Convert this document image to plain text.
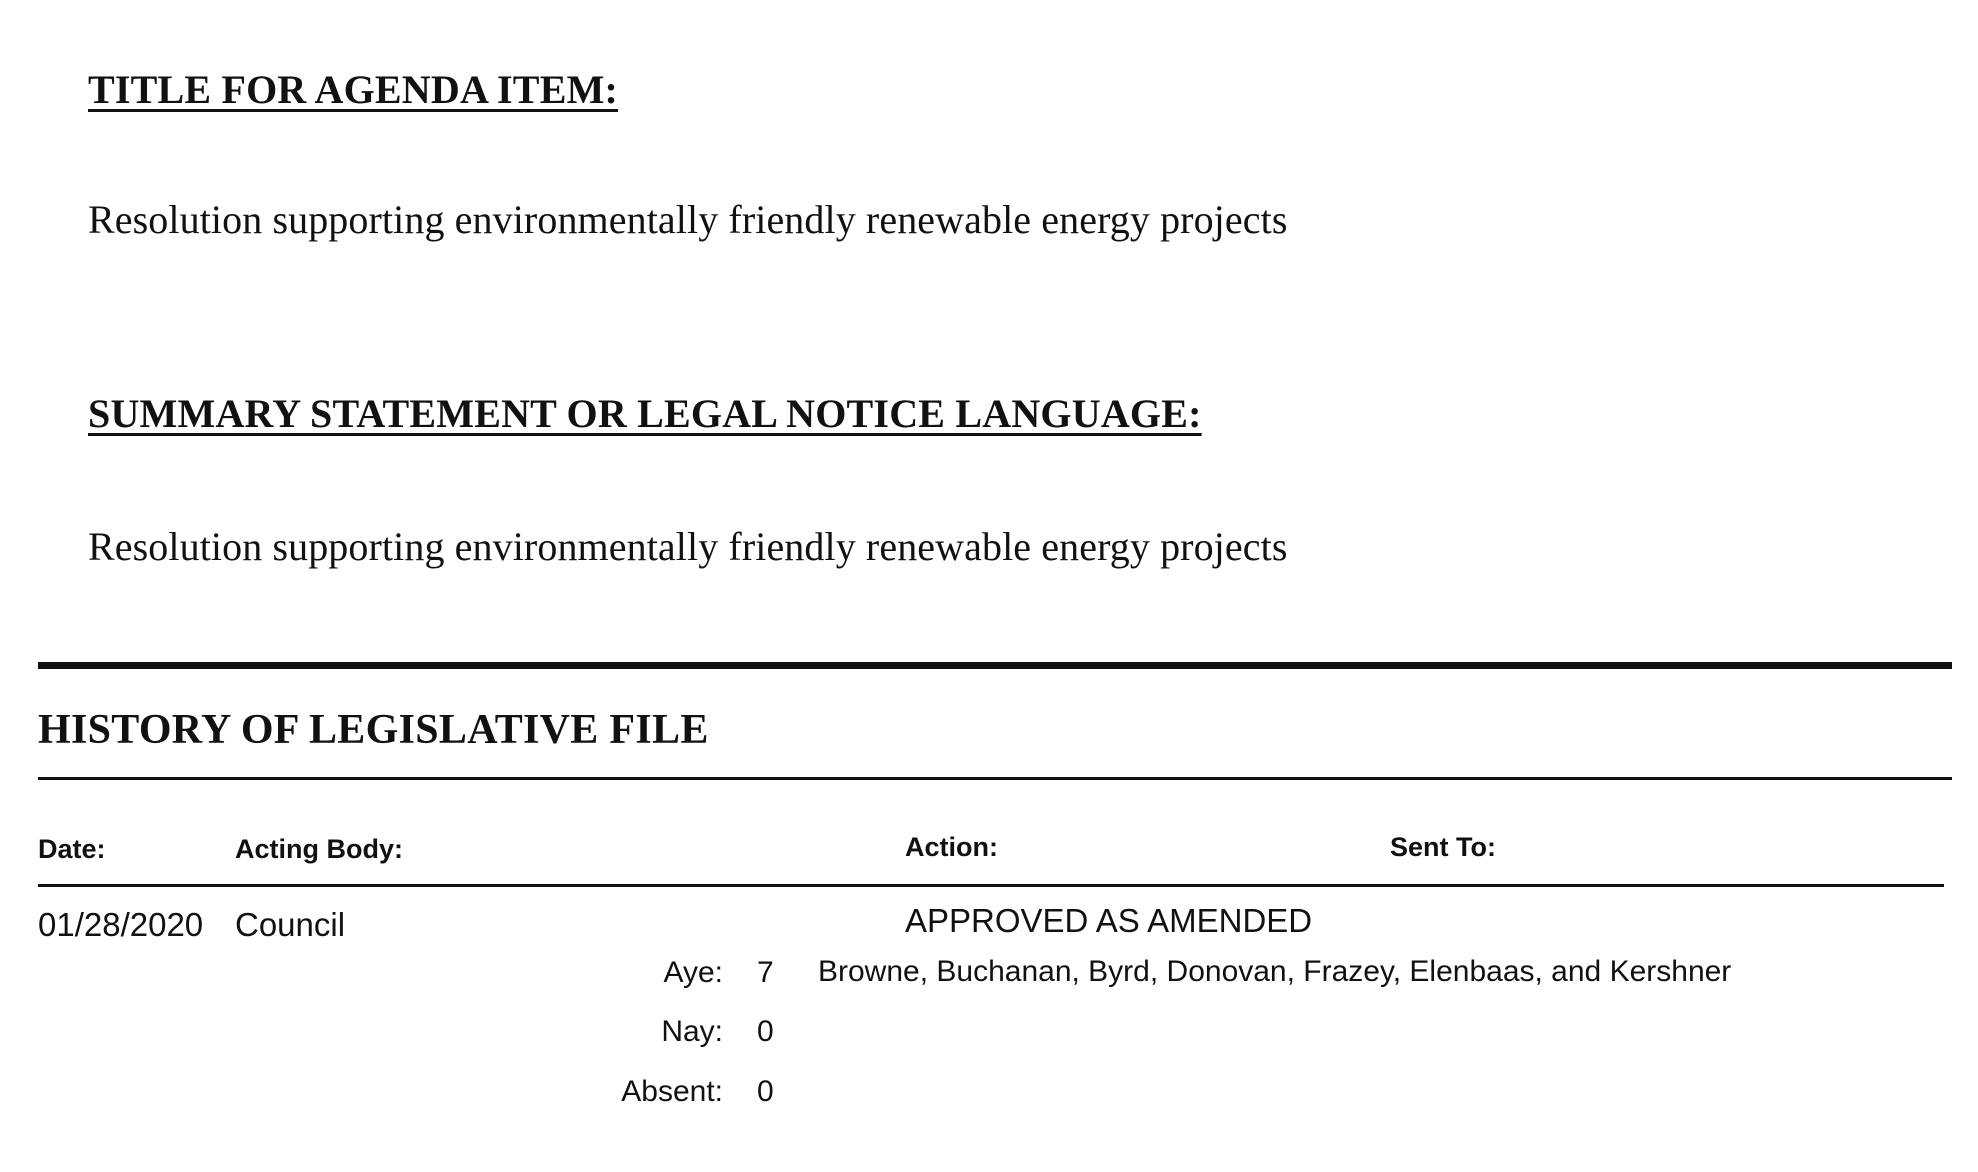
TITLE FOR AGENDA ITEM:
Resolution supporting environmentally friendly renewable energy projects
SUMMARY STATEMENT OR LEGAL NOTICE LANGUAGE:
Resolution supporting environmentally friendly renewable energy projects
HISTORY OF LEGISLATIVE FILE
Date:	Acting Body:	Action:	Sent To:
01/28/2020 Council	APPROVED AS AMENDED
Aye: 7 Browne, Buchanan, Byrd, Donovan, Frazey, Elenbaas, and Kershner
Nay: 0
Absent: 0
